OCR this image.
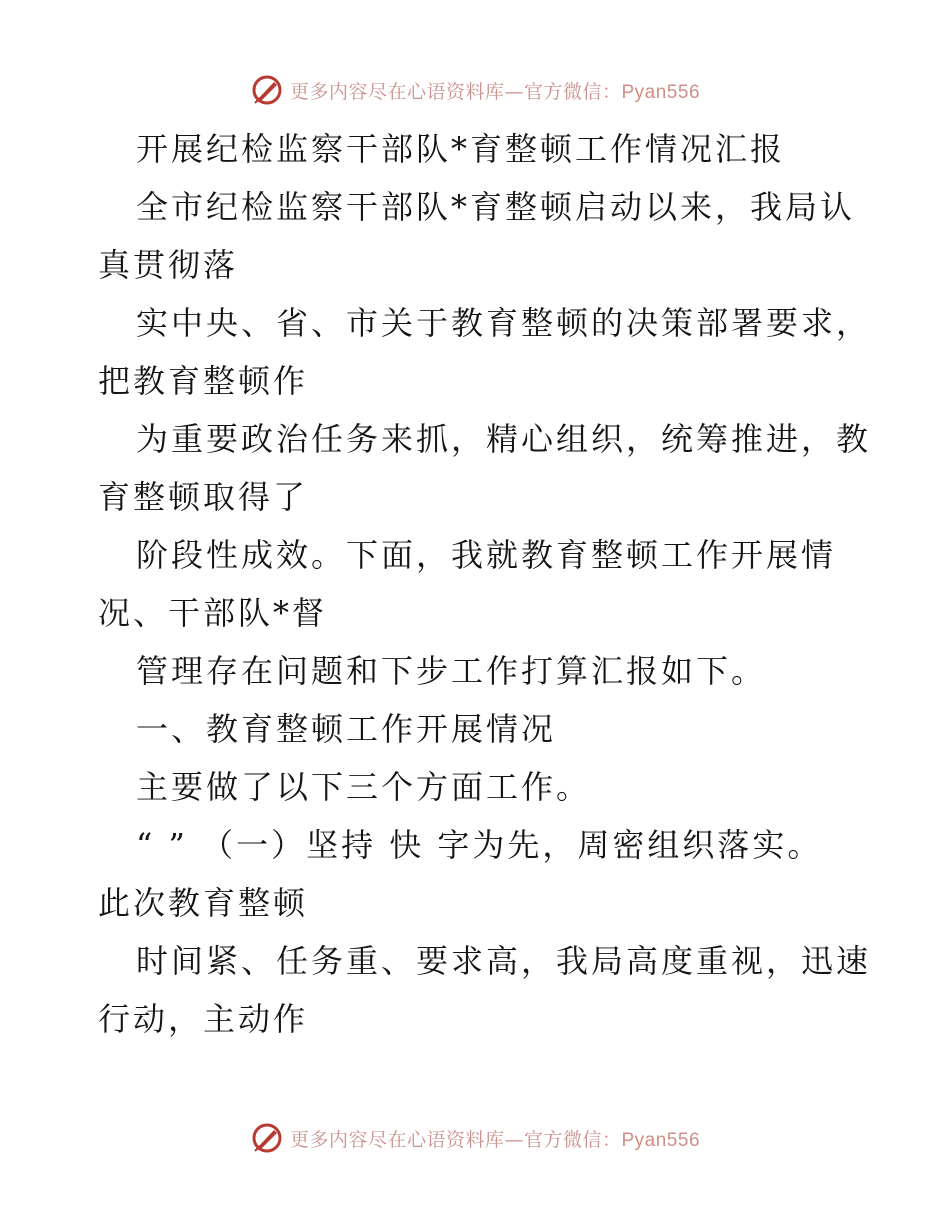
更多内容尽在心语资料库—官方微信：Pyan556
开展纪检监察干部队*育整顿工作情况汇报
全市纪检监察干部队*育整顿启动以来，我局认
真贯彻落
实中央、省、市关于教育整顿的决策部署要求，
把教育整顿作
为重要政治任务来抓，精心组织，统筹推进，教
育整顿取得了
阶段性成效。下面，我就教育整顿工作开展情
况、干部队*督
管理存在问题和下步工作打算汇报如下。
一、教育整顿工作开展情况
主要做了以下三个方面工作。
“ ” （一）坚持 快 字为先，周密组织落实。
此次教育整顿
时间紧、任务重、要求高，我局高度重视，迅速
行动，主动作
更多内容尽在心语资料库—官方微信：Pyan556
